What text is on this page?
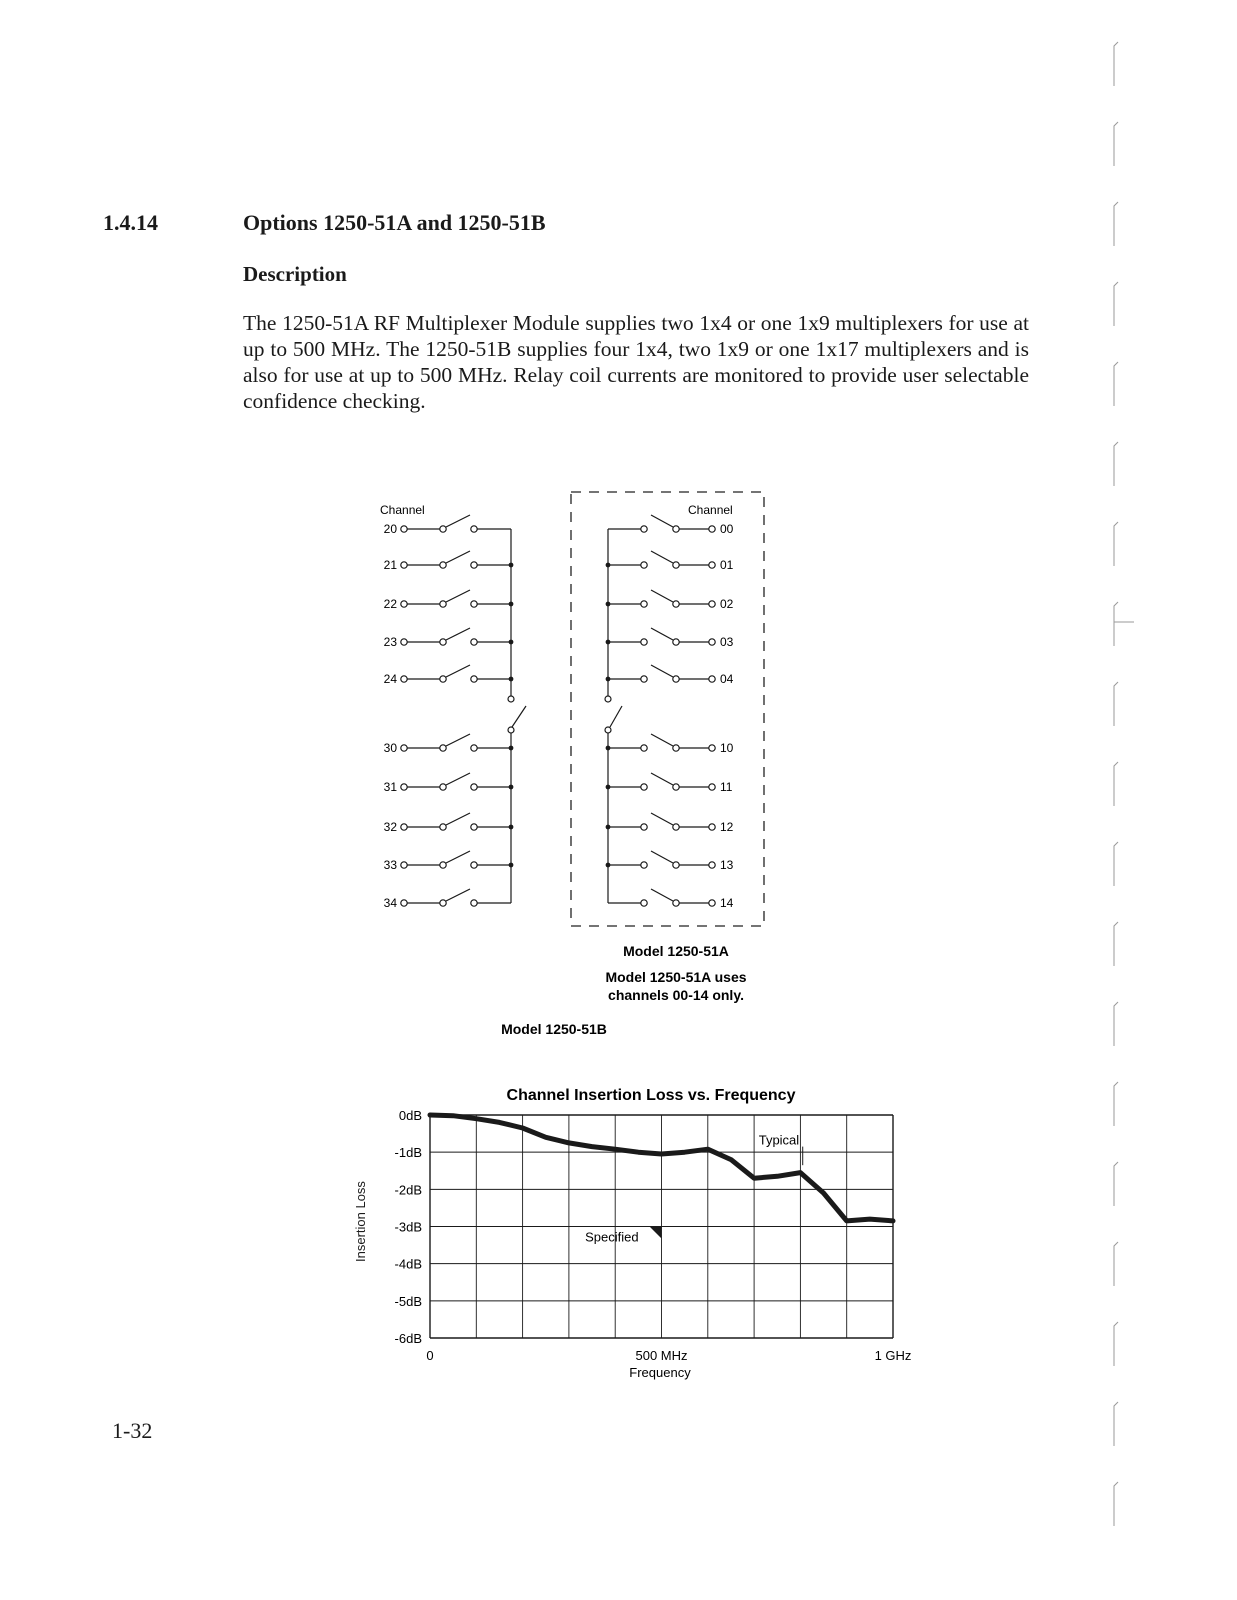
1.4.14	Options 1250-51A and 1250-51B
Description
The 1250-51A RF Multiplexer Module supplies two 1x4 or one 1x9 multiplexers for use at up to 500 MHz. The 1250-51B supplies four 1x4, two 1x9 or one 1x17 multiplexers and is also for use at up to 500 MHz. Relay coil currents are monitored to provide user selectable confidence checking.
20
21
22
23
24
30
31
32
33
34
00
01
02
03
04
10
11
12
13
14
Channel	Channel
Model 1250-51A
Model 1250-51A uses
channels 00-14 only.
Model 1250-51B
Channel Insertion Loss vs. Frequency
0dB
-1dB
-2dB
-3dB
-4dB
-5dB
-6dB
0	500 MHz	1 GHz
Typical
Specified
Frequency
Insertion Loss
1-32
